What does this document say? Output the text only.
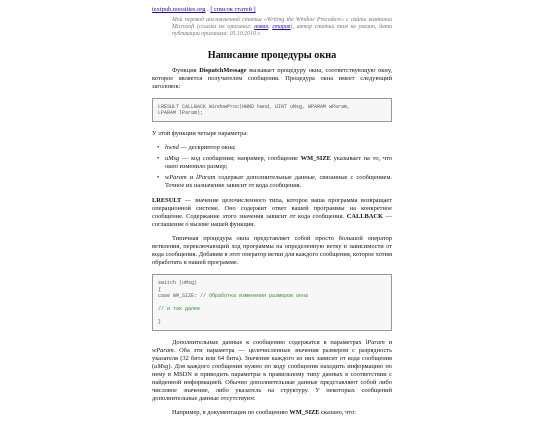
textpub.noosities.org . [ список статей ]
Мой перевод англоязычной статьи «Writing the Window Procedure» с сайта компании Microsoft (ссылки на оригинал: новая, старая), автор статьи там не указан, дата публикации оригинала: 05.10.2010 г.
Написание процедуры окна

Функция DispatchMessage вызывает процедуру окна, соответствующую окну, которое является получателем сообщения. Процедура окна имеет следующий заголовок:

LRESULT CALLBACK WindowProc(HWND hwnd, UINT uMsg, WPARAM wParam,
LPARAM lParam);

У этой функции четыре параметра:

• hwnd — дескриптор окна;
• uMsg — код сообщения; например, сообщение WM_SIZE указывает на то, что окно изменило размер;
• wParam и lParam содержат дополнительные данные, связанные с сообщением. Точное их назначение зависит от кода сообщения.

LRESULT — значение целочисленного типа, которое ваша программа возвращает операционной системе. Оно содержит ответ вашей программы на конкретное сообщение. Содержание этого значения зависит от кода сообщения. CALLBACK — соглашение о вызове нашей функции.

Типичная процедура окна представляет собой просто большой оператор ветвления, переключающий ход программы на определенную ветку в зависимости от кода сообщения. Добавим в этот оператор ветки для каждого сообщения, которое хотим обработать в нашей программе.

switch (uMsg)
{
case WM_SIZE: // Обработка изменения размеров окна

// и так далее

}

Дополнительные данные к сообщению содержатся в параметрах lParam и wParam. Оба эти параметра — целочисленные значения размером с разрядность указателя (32 бита или 64 бита). Значение каждого из них зависит от кода сообщения (uMsg). Для каждого сообщения нужно по коду сообщения находить информацию по нему в MSDN и приводить параметры к правильному типу данных в соответствии с найденной информацией. Обычно дополнительные данные представляют собой либо числовое значение, либо указатель на структуру. У некоторых сообщений дополнительные данные отсутствуют.

Например, в документации по сообщению WM_SIZE сказано, что:
